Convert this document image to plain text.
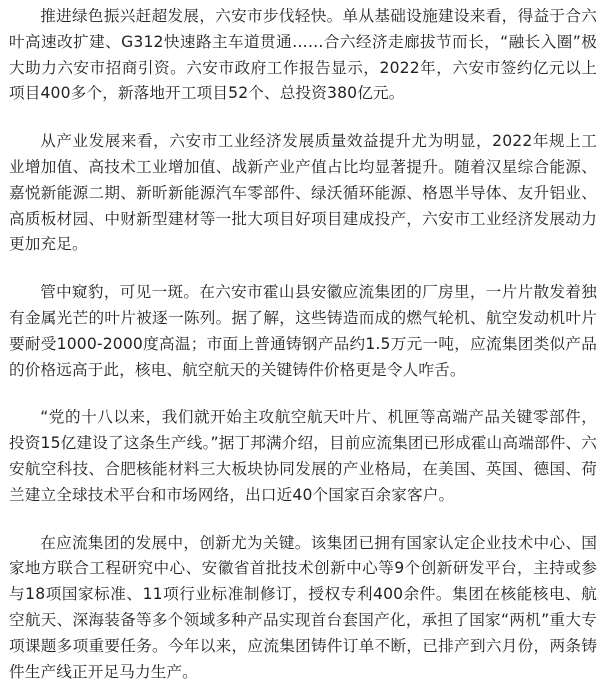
推进绿色振兴赶超发展，六安市步伐轻快。单从基础设施建设来看，得益于合六叶高速改扩建、G312快速路主车道贯通……合六经济走廊拔节而长，“融长入圈”极大助力六安市招商引资。六安市政府工作报告显示，2022年，六安市签约亿元以上项目400多个，新落地开工项目52个、总投资380亿元。

从产业发展来看，六安市工业经济发展质量效益提升尤为明显，2022年规上工业增加值、高技术工业增加值、战新产业产值占比均显著提升。随着汉星综合能源、嘉悦新能源二期、新昕新能源汽车零部件、绿沃循环能源、格恩半导体、友升铝业、高质板材园、中财新型建材等一批大项目好项目建成投产，六安市工业经济发展动力更加充足。

管中窥豹，可见一斑。在六安市霍山县安徽应流集团的厂房里，一片片散发着独有金属光芒的叶片被逐一陈列。据了解，这些铸造而成的燃气轮机、航空发动机叶片要耐受1000-2000度高温；市面上普通铸钢产品约1.5万元一吨，应流集团类似产品的价格远高于此，核电、航空航天的关键铸件价格更是令人咋舌。

“党的十八以来，我们就开始主攻航空航天叶片、机匣等高端产品关键零部件，投资15亿建设了这条生产线。”据丁邦满介绍，目前应流集团已形成霍山高端部件、六安航空科技、合肥核能材料三大板块协同发展的产业格局，在美国、英国、德国、荷兰建立全球技术平台和市场网络，出口近40个国家百余家客户。

在应流集团的发展中，创新尤为关键。该集团已拥有国家认定企业技术中心、国家地方联合工程研究中心、安徽省首批技术创新中心等9个创新研发平台，主持或参与18项国家标准、11项行业标准制修订，授权专利400余件。集团在核能核电、航空航天、深海装备等多个领域多种产品实现首台套国产化，承担了国家“两机”重大专项课题多项重要任务。今年以来，应流集团铸件订单不断，已排产到六月份，两条铸件生产线正开足马力生产。
